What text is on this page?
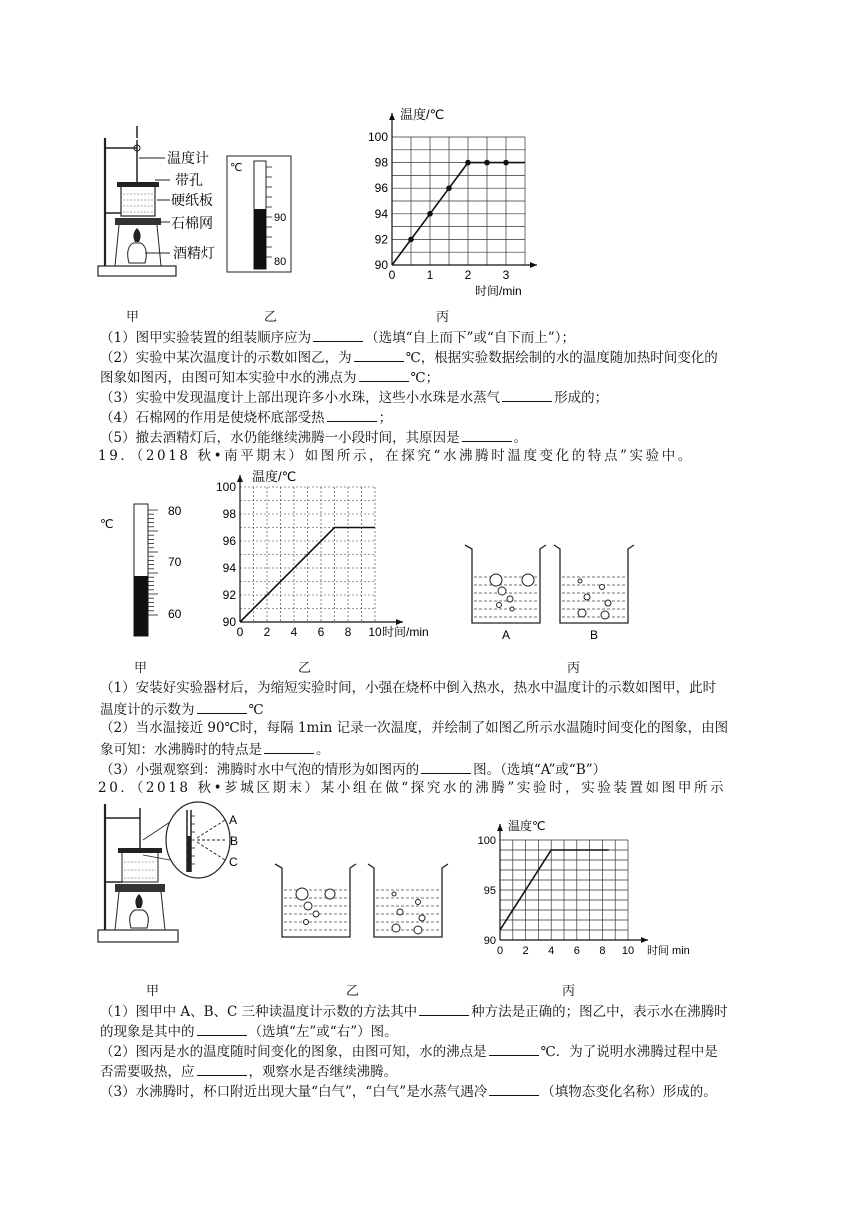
温度计
带孔
硬纸板
石棉网
酒精灯
℃
90
80
0	1	2	3
90
92
94
96
98
100
温度/℃
时间/min
甲	乙	丙
（1）图甲实验装置的组装顺序应为	（选填“自上而下”或“自下而上”）；
（2）实验中某次温度计的示数如图乙，为	℃，根据实验数据绘制的水的温度随加热时间变化的
图象如图丙，由图可知本实验中水的沸点为	℃；
（3）实验中发现温度计上部出现许多小水珠，这些小水珠是水蒸气	形成的；
（4）石棉网的作用是使烧杯底部受热	；
（5）撤去酒精灯后，水仍能继续沸腾一小段时间，其原因是	。
19．（2018 秋•南平期末）如图所示，在探究“水沸腾时温度变化的特点”实验中。
℃
80
70
60
0 2 4 6 8 10
90
92
94
96
98
100
温度/℃
时间/min	A	B
甲	乙	丙
（1）安装好实验器材后，为缩短实验时间，小强在烧杯中倒入热水，热水中温度计的示数如图甲，此时
温度计的示数为	℃
（2）当水温接近 90℃时，每隔 1min 记录一次温度，并绘制了如图乙所示水温随时间变化的图象，由图
象可知：水沸腾时的特点是	。
（3）小强观察到：沸腾时水中气泡的情形为如图丙的	图。（选填“A”或“B”）
20．（2018 秋•芗城区期末）某小组在做“探究水的沸腾”实验时，实验装置如图甲所示
A
B
C
0 2 4 6 8 10
90
95
100
温度℃
时间 min
甲	乙	丙
（1）图甲中 A、B、C 三种读温度计示数的方法其中	种方法是正确的；图乙中，表示水在沸腾时
的现象是其中的	（选填“左”或“右”）图。
（2）图丙是水的温度随时间变化的图象，由图可知，水的沸点是	℃．为了说明水沸腾过程中是
否需要吸热，应	，观察水是否继续沸腾。
（3）水沸腾时，杯口附近出现大量“白气”，“白气”是水蒸气遇冷	（填物态变化名称）形成的。
